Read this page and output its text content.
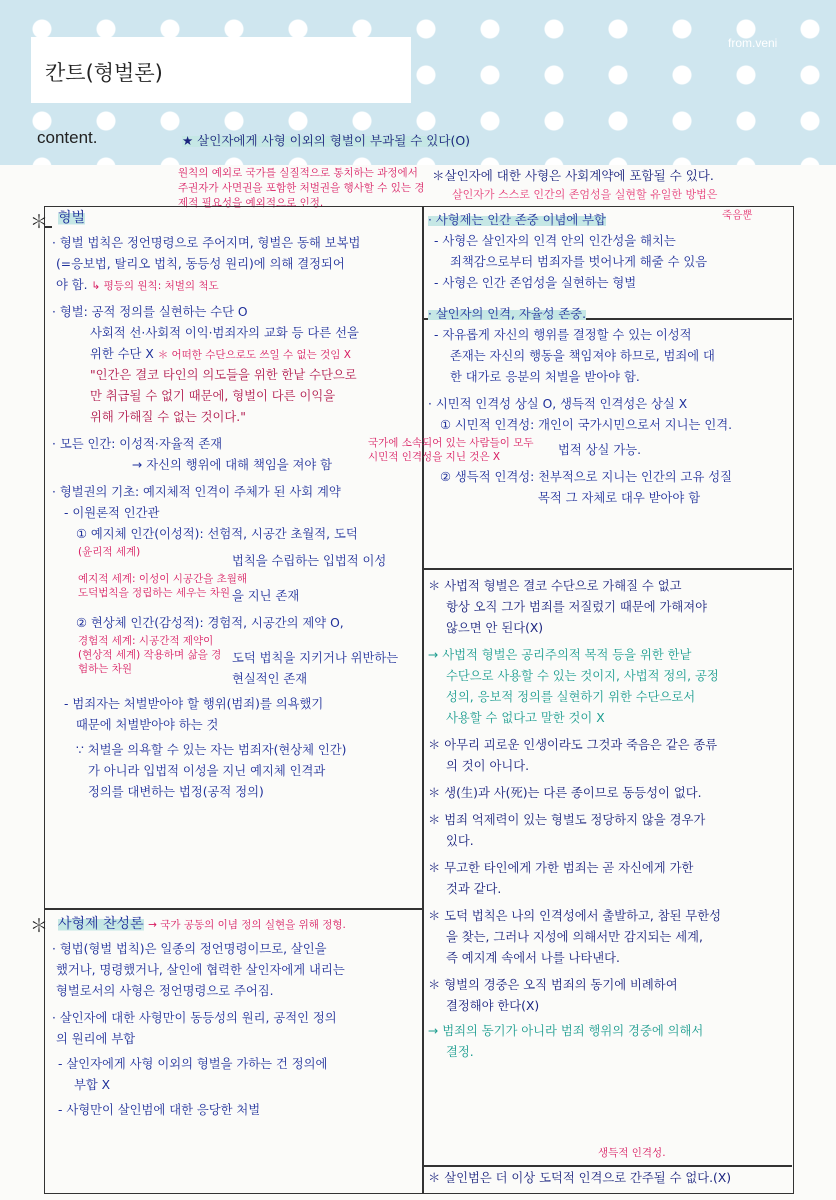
칸트(형벌론)
from.veni
content.	★ 살인자에게 사형 이외의 형벌이 부과될 수 있다(O)
원칙의 예외로 국가를 실질적으로 통치하는 과정에서 주권자가 사면권을 포함한 처벌권을 행사할 수 있는 경제적 필요성을 예외적으로 인정.
＊살인자에 대한 사형은 사회계약에 포함될 수 있다.
살인자가 스스로 인간의 존엄성을 실현할 유일한 방법은
죽음뿐
＊
＊

형벌

· 형벌 법칙은 정언명령으로 주어지며, 형벌은 동해 보복법

(=응보법, 탈리오 법칙, 동등성 원리)에 의해 결정되어

야 함. ↳ 평등의 원칙: 처벌의 척도

· 형벌: 공적 정의를 실현하는 수단 O

사회적 선·사회적 이익·범죄자의 교화 등 다른 선을

위한 수단 X ＊ 어떠한 수단으로도 쓰일 수 없는 것임 X

"인간은 결코 타인의 의도들을 위한 한낱 수단으로

만 취급될 수 없기 때문에, 형벌이 다른 이익을

위해 가해질 수 없는 것이다."

· 모든 인간: 이성적·자율적 존재

→ 자신의 행위에 대해 책임을 져야 함

· 형벌권의 기초: 예지체적 인격이 주체가 된 사회 계약

- 이원론적 인간관

① 예지체 인간(이성적): 선험적, 시공간 초월적, 도덕

(윤리적 세계)

법칙을 수립하는 입법적 이성

예지적 세계: 이성이 시공간을 초월해 도덕법칙을 정립하는 세우는 차원 을 지닌 존재

② 현상체 인간(감성적): 경험적, 시공간의 제약 O,

경험적 세계: 시공간적 제약이 (현상적 세계) 작용하며 삶을 경험하는 차원

도덕 법칙을 지키거나 위반하는

현실적인 존재

- 범죄자는 처벌받아야 할 행위(범죄)를 의욕했기

때문에 처벌받아야 하는 것

∵ 처벌을 의욕할 수 있는 자는 범죄자(현상체 인간)

가 아니라 입법적 이성을 지닌 예지체 인격과

정의를 대변하는 법정(공적 정의)

사형제 찬성론 → 국가 공동의 이념 정의 실현을 위해 정형.

· 형법(형벌 법칙)은 일종의 정언명령이므로, 살인을

했거나, 명령했거나, 살인에 협력한 살인자에게 내리는

형벌로서의 사형은 정언명령으로 주어짐.

· 살인자에 대한 사형만이 동등성의 원리, 공적인 정의

의 원리에 부합

- 살인자에게 사형 이외의 형벌을 가하는 건 정의에

부합 X

- 사형만이 살인범에 대한 응당한 처벌

· 사형제는 인간 존중 이념에 부합

- 사형은 살인자의 인격 안의 인간성을 해치는

죄책감으로부터 범죄자를 벗어나게 해줄 수 있음

- 사형은 인간 존엄성을 실현하는 형벌

· 살인자의 인격, 자율성 존중.

- 자유롭게 자신의 행위를 결정할 수 있는 이성적

존재는 자신의 행동을 책임져야 하므로, 범죄에 대

한 대가로 응분의 처벌을 받아야 함.

· 시민적 인격성 상실 O, 생득적 인격성은 상실 X

① 시민적 인격성: 개인이 국가시민으로서 지니는 인격.

국가에 소속되어 있는 사람들이 모두 시민적 인격성을 지닌 것은 X	법적 상실 가능.

② 생득적 인격성: 천부적으로 지니는 인간의 고유 성질

목적 그 자체로 대우 받아야 함

＊ 사법적 형벌은 결코 수단으로 가해질 수 없고

항상 오직 그가 범죄를 저질렀기 때문에 가해져야

않으면 안 된다(X)

→ 사법적 형벌은 공리주의적 목적 등을 위한 한낱

수단으로 사용할 수 있는 것이지, 사법적 정의, 공정

성의, 응보적 정의를 실현하기 위한 수단으로서

사용할 수 없다고 말한 것이 X

＊ 아무리 괴로운 인생이라도 그것과 죽음은 같은 종류

의 것이 아니다.

＊ 생(生)과 사(死)는 다른 종이므로 동등성이 없다.

＊ 범죄 억제력이 있는 형벌도 정당하지 않을 경우가

있다.

＊ 무고한 타인에게 가한 범죄는 곧 자신에게 가한

것과 같다.

＊ 도덕 법칙은 나의 인격성에서 출발하고, 참된 무한성

을 찾는, 그러나 지성에 의해서만 감지되는 세계,

즉 예지계 속에서 나를 나타낸다.

＊ 형벌의 경중은 오직 범죄의 동기에 비례하여

결정해야 한다(X)

→ 범죄의 동기가 아니라 범죄 행위의 경중에 의해서

결정.

생득적 인격성.
＊ 살인범은 더 이상 도덕적 인격으로 간주될 수 없다.(X)
